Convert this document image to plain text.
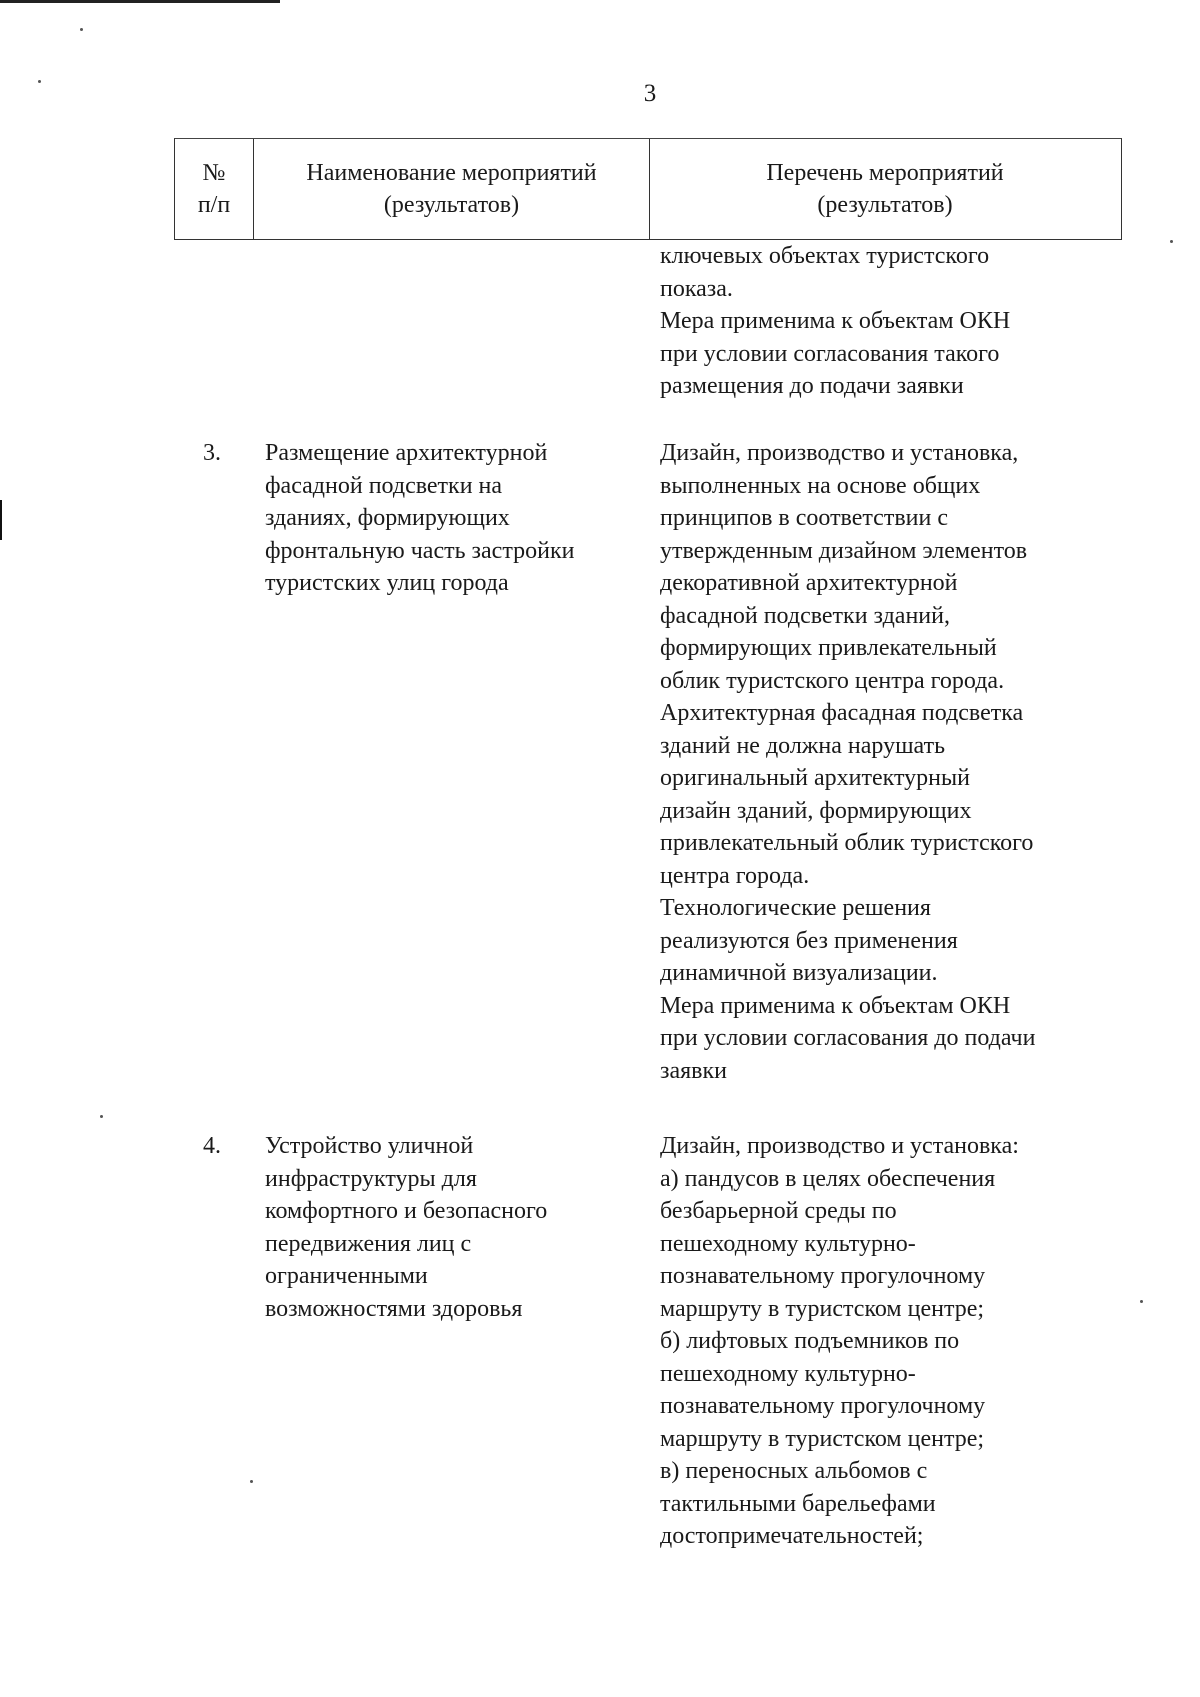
3
№
п/п
Наименование мероприятий
(результатов)
Перечень мероприятий
(результатов)
ключевых объектах туристского
показа.
Мера применима к объектам ОКН
при условии согласования такого
размещения до подачи заявки
3.	Размещение архитектурной
фасадной подсветки на
зданиях, формирующих
фронтальную часть застройки
туристских улиц города
Дизайн, производство и установка,
выполненных на основе общих
принципов в соответствии с
утвержденным дизайном элементов
декоративной архитектурной
фасадной подсветки зданий,
формирующих привлекательный
облик туристского центра города.
Архитектурная фасадная подсветка
зданий не должна нарушать
оригинальный архитектурный
дизайн зданий, формирующих
привлекательный облик туристского
центра города.
Технологические решения
реализуются без применения
динамичной визуализации.
Мера применима к объектам ОКН
при условии согласования до подачи
заявки
4.	Устройство уличной
инфраструктуры для
комфортного и безопасного
передвижения лиц с
ограниченными
возможностями здоровья
Дизайн, производство и установка:
а) пандусов в целях обеспечения
безбарьерной среды по
пешеходному культурно-
познавательному прогулочному
маршруту в туристском центре;
б) лифтовых подъемников по
пешеходному культурно-
познавательному прогулочному
маршруту в туристском центре;
в) переносных альбомов с
тактильными барельефами
достопримечательностей;
